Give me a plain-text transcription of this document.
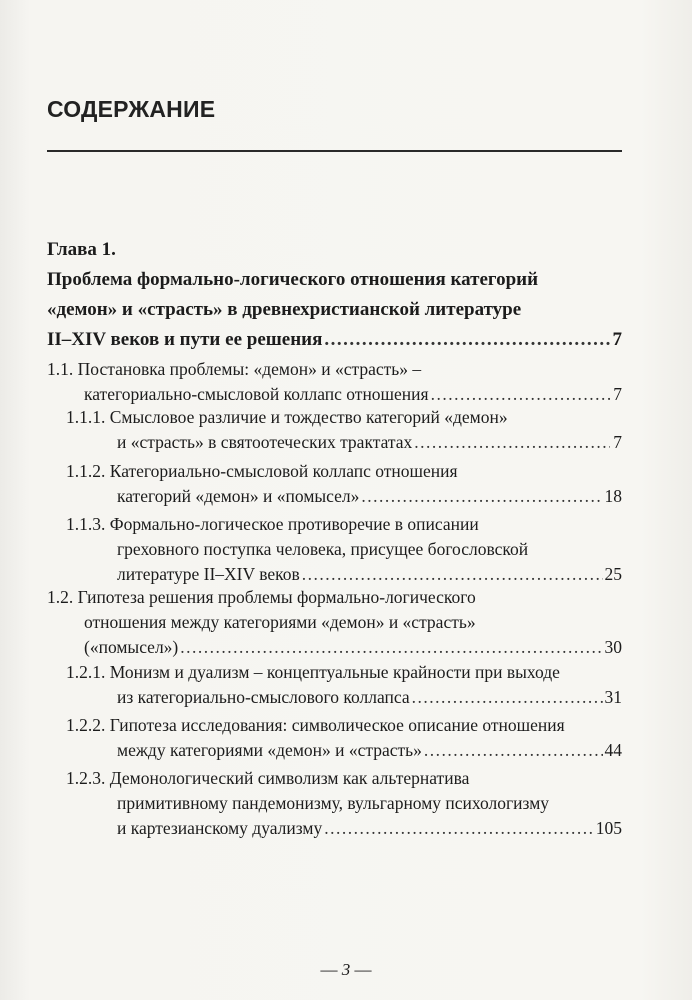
СОДЕРЖАНИЕ
Глава 1.
Проблема формально-логического отношения категорий
«демон» и «страсть» в древнехристианской литературе
II–XIV веков и пути ее решения .....	7
1.1. Постановка проблемы: «демон» и «страсть» –
категориально-смысловой коллапс отношения .....	7
1.1.1. Смысловое различие и тождество категорий «демон»
и «страсть» в святоотеческих трактатах .....	7
1.1.2. Категориально-смысловой коллапс отношения
категорий «демон» и «помысел» .....	18
1.1.3. Формально-логическое противоречие в описании
греховного поступка человека, присущее богословской
литературе II–XIV веков .....	25
1.2. Гипотеза решения проблемы формально-логического
отношения между категориями «демон» и «страсть»
(«помысел») .....	30
1.2.1. Монизм и дуализм – концептуальные крайности при выходе
из категориально-смыслового коллапса .....	31
1.2.2. Гипотеза исследования: символическое описание отношения
между категориями «демон» и «страсть» .....	44
1.2.3. Демонологический символизм как альтернатива
примитивному пандемонизму, вульгарному психологизму
и картезианскому дуализму .....	105
— 3 —
